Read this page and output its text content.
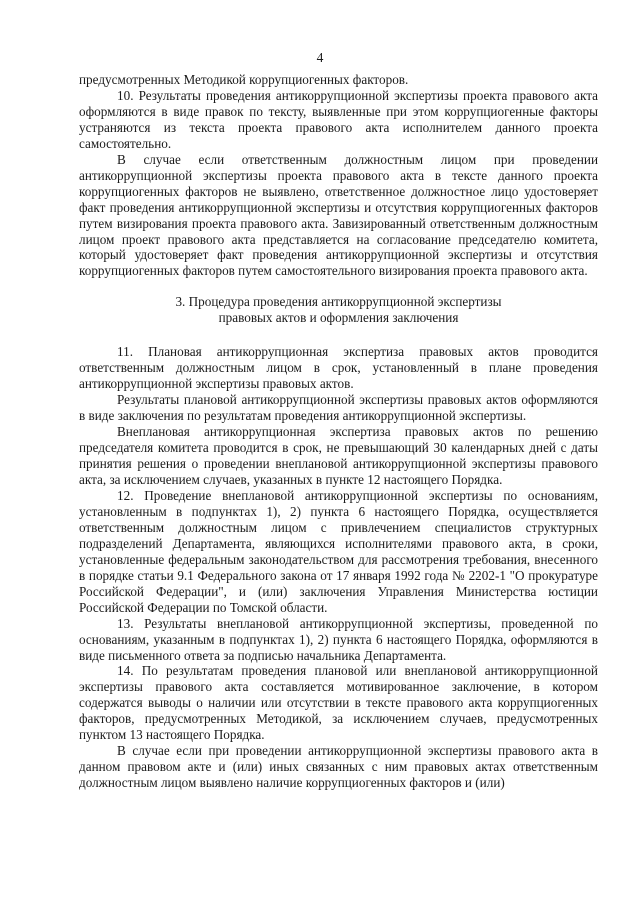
4

предусмотренных Методикой коррупциогенных факторов.

10. Результаты проведения антикоррупционной экспертизы проекта правового акта оформляются в виде правок по тексту, выявленные при этом коррупциогенные факторы устраняются из текста проекта правового акта исполнителем данного проекта самостоятельно.

В случае если ответственным должностным лицом при проведении антикоррупционной экспертизы проекта правового акта в тексте данного проекта коррупциогенных факторов не выявлено, ответственное должностное лицо удостоверяет факт проведения антикоррупционной экспертизы и отсутствия коррупциогенных факторов путем визирования проекта правового акта. Завизированный ответственным должностным лицом проект правового акта представляется на согласование председателю комитета, который удостоверяет факт проведения антикоррупционной экспертизы и отсутствия коррупциогенных факторов путем самостоятельного визирования проекта правового акта.

3. Процедура проведения антикоррупционной экспертизы
правовых актов и оформления заключения

11. Плановая антикоррупционная экспертиза правовых актов проводится ответственным должностным лицом в срок, установленный в плане проведения антикоррупционной экспертизы правовых актов.

Результаты плановой антикоррупционной экспертизы правовых актов оформляются в виде заключения по результатам проведения антикоррупционной экспертизы.

Внеплановая антикоррупционная экспертиза правовых актов по решению председателя комитета проводится в срок, не превышающий 30 календарных дней с даты принятия решения о проведении внеплановой антикоррупционной экспертизы правового акта, за исключением случаев, указанных в пункте 12 настоящего Порядка.

12. Проведение внеплановой антикоррупционной экспертизы по основаниям, установленным в подпунктах 1), 2) пункта 6 настоящего Порядка, осуществляется ответственным должностным лицом с привлечением специалистов структурных подразделений Департамента, являющихся исполнителями правового акта, в сроки, установленные федеральным законодательством для рассмотрения требования, внесенного в порядке статьи 9.1 Федерального закона от 17 января 1992 года № 2202-1 "О прокуратуре Российской Федерации", и (или) заключения Управления Министерства юстиции Российской Федерации по Томской области.

13. Результаты внеплановой антикоррупционной экспертизы, проведенной по основаниям, указанным в подпунктах 1), 2) пункта 6 настоящего Порядка, оформляются в виде письменного ответа за подписью начальника Департамента.

14. По результатам проведения плановой или внеплановой антикоррупционной экспертизы правового акта составляется мотивированное заключение, в котором содержатся выводы о наличии или отсутствии в тексте правового акта коррупциогенных факторов, предусмотренных Методикой, за исключением случаев, предусмотренных пунктом 13 настоящего Порядка.

В случае если при проведении антикоррупционной экспертизы правового акта в данном правовом акте и (или) иных связанных с ним правовых актах ответственным должностным лицом выявлено наличие коррупциогенных факторов и (или)
